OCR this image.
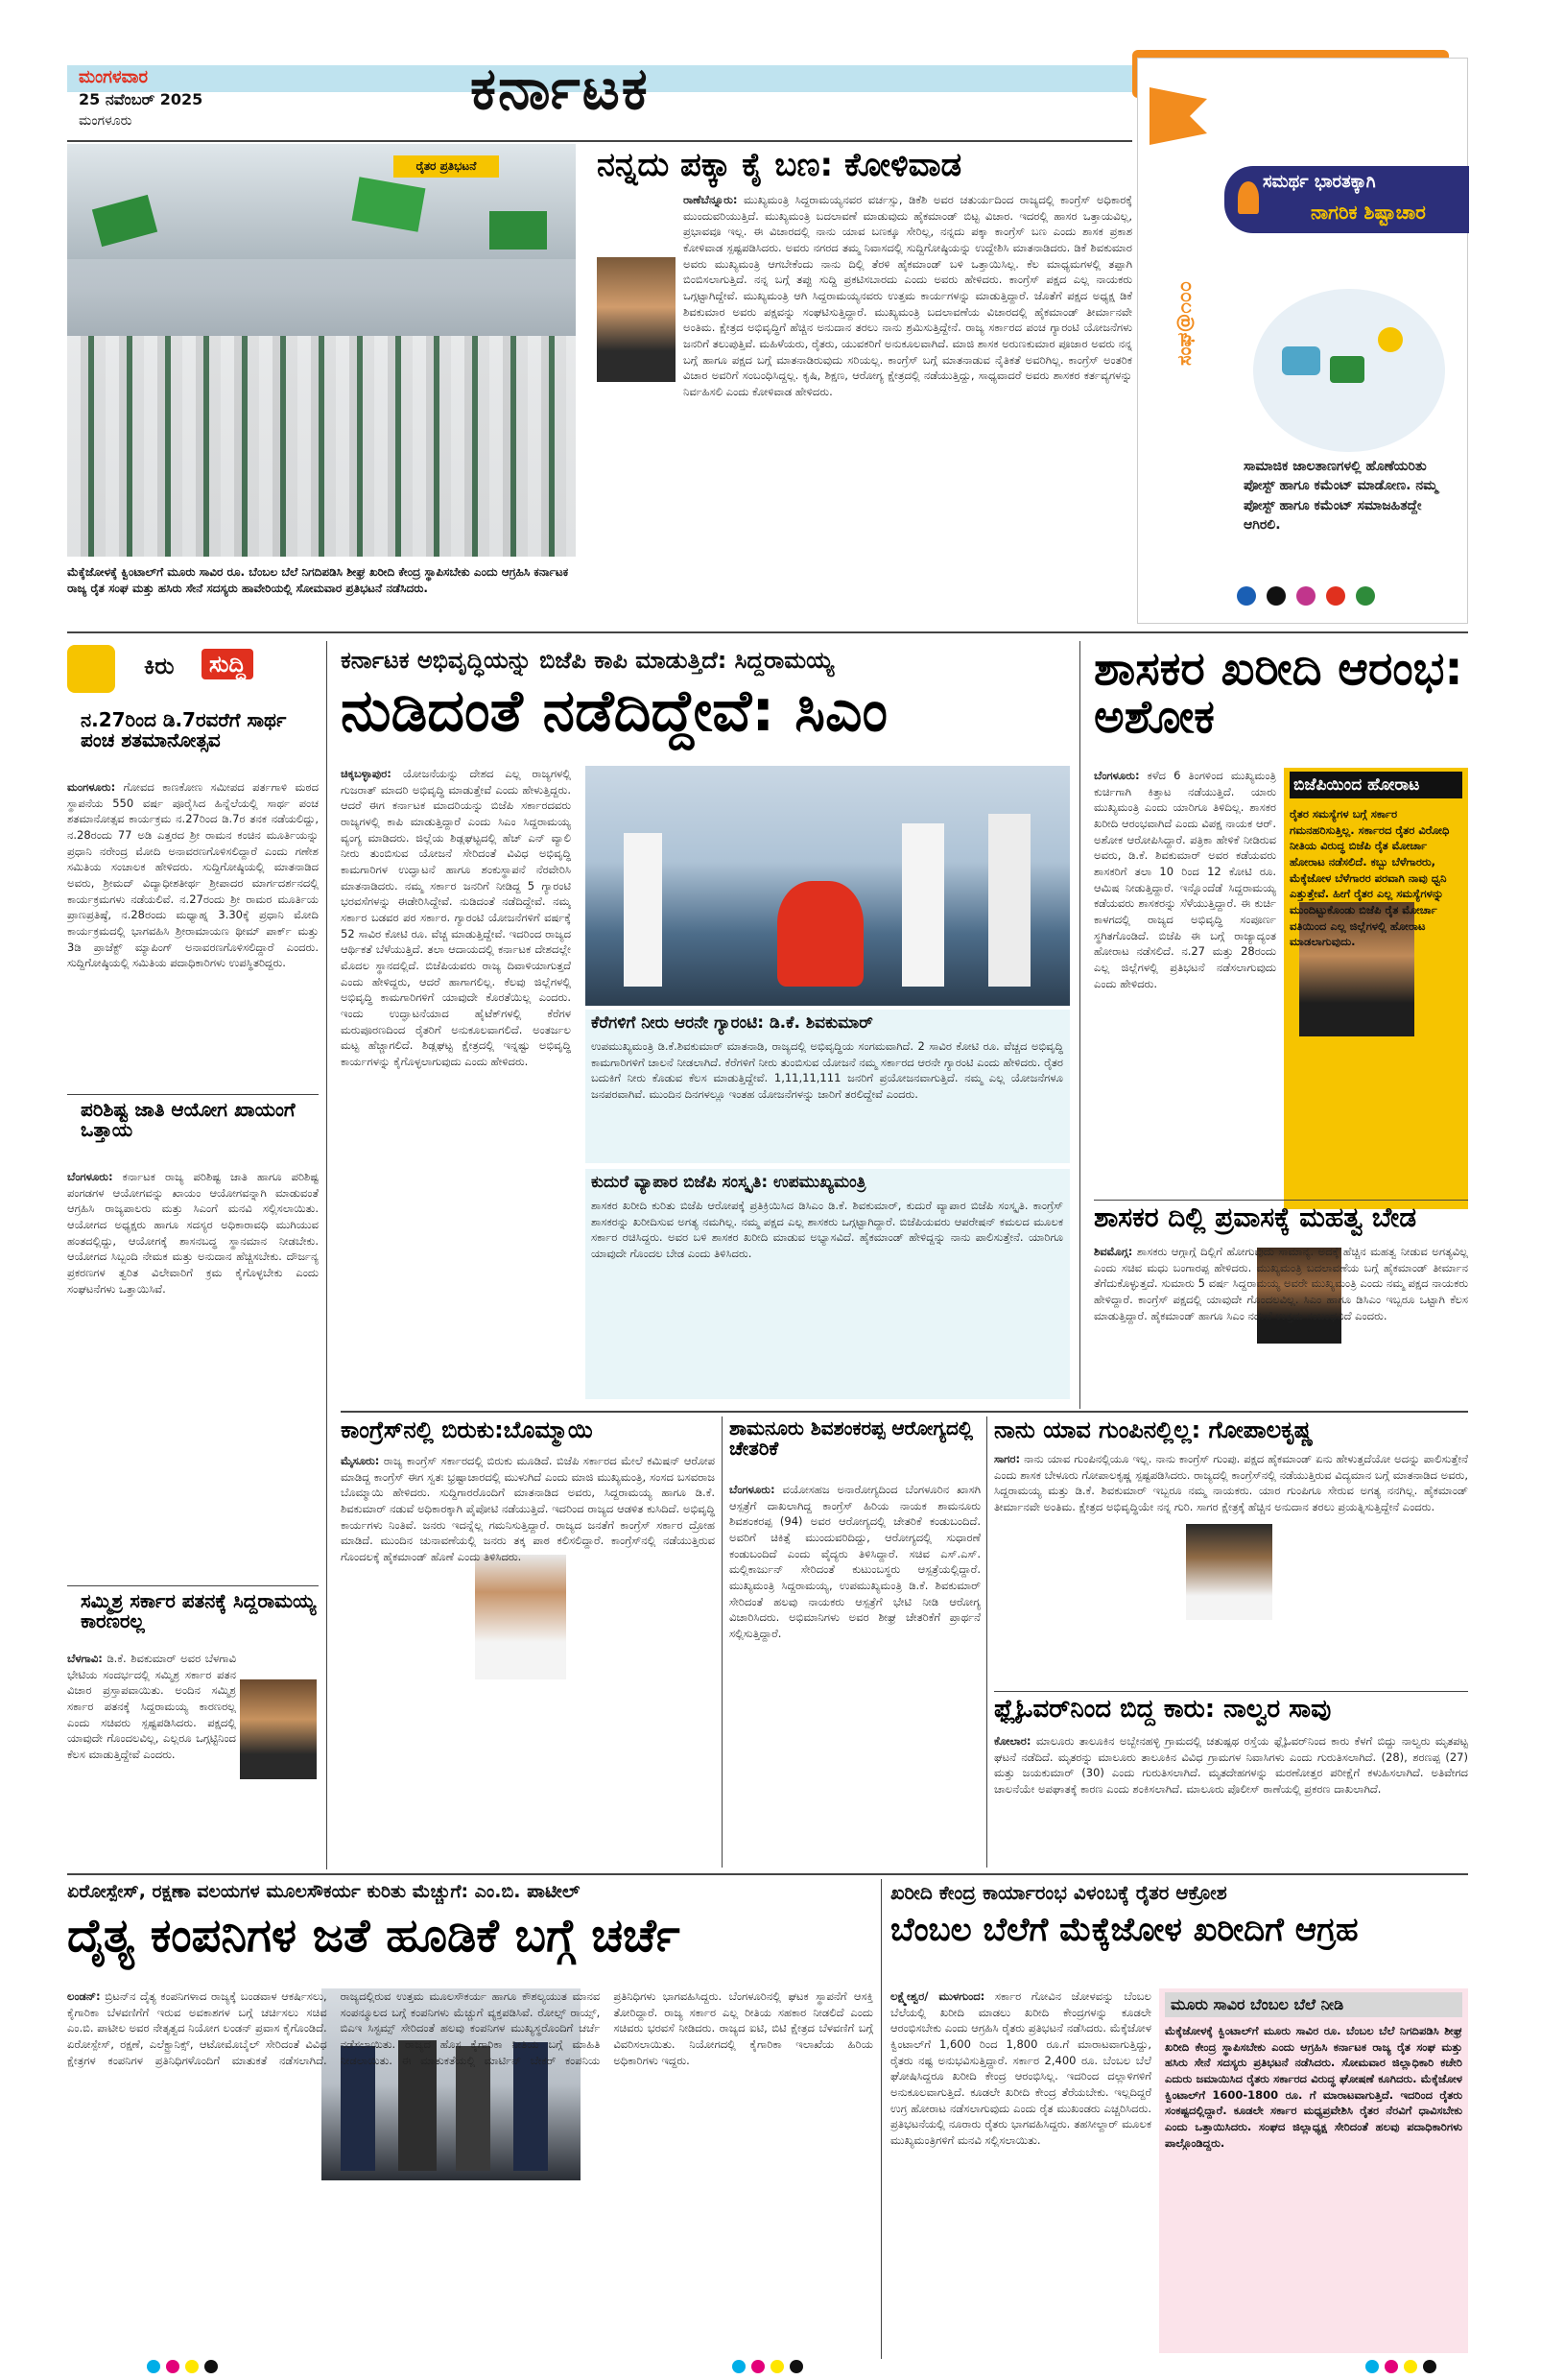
ಮಂಗಳವಾರ
25 ನವೆಂಬರ್ 2025
ಮಂಗಳೂರು	ಕರ್ನಾಟಕ
ರೈತರ ಪ್ರತಿಭಟನೆ
ಮೆಕ್ಕೆಜೋಳಕ್ಕೆ ಕ್ವಿಂಟಾಲ್‌ಗೆ ಮೂರು ಸಾವಿರ ರೂ. ಬೆಂಬಲ ಬೆಲೆ ನಿಗದಿಪಡಿಸಿ ಶೀಘ್ರ ಖರೀದಿ ಕೇಂದ್ರ ಸ್ಥಾಪಿಸಬೇಕು ಎಂದು ಆಗ್ರಹಿಸಿ ಕರ್ನಾಟಕ ರಾಜ್ಯ ರೈತ ಸಂಘ ಮತ್ತು ಹಸಿರು ಸೇನೆ ಸದಸ್ಯರು ಹಾವೇರಿಯಲ್ಲಿ ಸೋಮವಾರ ಪ್ರತಿಭಟನೆ ನಡೆಸಿದರು.
ನನ್ನದು ಪಕ್ಕಾ ಕೈ ಬಣ: ಕೋಳಿವಾಡ
ರಾಣೆಬೆನ್ನೂರು: ಮುಖ್ಯಮಂತ್ರಿ ಸಿದ್ದರಾಮಯ್ಯನವರ ವರ್ಚಸ್ಸು, ಡಿಕೆಶಿ ಅವರ ಚತುರ್ಯದಿಂದ ರಾಜ್ಯದಲ್ಲಿ ಕಾಂಗ್ರೆಸ್ ಅಧಿಕಾರಕ್ಕೆ ಮುಂದುವರಿಯುತ್ತಿದೆ. ಮುಖ್ಯಮಂತ್ರಿ ಬದಲಾವಣೆ ಮಾಡುವುದು ಹೈಕಮಾಂಡ್ ಬಿಟ್ಟ ವಿಚಾರ. ಇದರಲ್ಲಿ ಹಾಸರ ಒತ್ತಾಯವಿಲ್ಲ, ಪ್ರಭಾವವೂ ಇಲ್ಲ. ಈ ವಿಚಾರದಲ್ಲಿ ನಾನು ಯಾವ ಬಣಕ್ಕೂ ಸೇರಿಲ್ಲ, ನನ್ನದು ಪಕ್ಕಾ ಕಾಂಗ್ರೆಸ್ ಬಣ ಎಂದು ಶಾಸಕ ಪ್ರಕಾಶ ಕೋಳಿವಾಡ ಸ್ಪಷ್ಟಪಡಿಸಿದರು. ಅವರು ನಗರದ ತಮ್ಮ ನಿವಾಸದಲ್ಲಿ ಸುದ್ದಿಗೋಷ್ಠಿಯನ್ನು ಉದ್ದೇಶಿಸಿ ಮಾತನಾಡಿದರು. ಡಿಕೆ ಶಿವಕುಮಾರ ಅವರು ಮುಖ್ಯಮಂತ್ರಿ ಆಗಬೇಕೆಂದು ನಾನು ದಿಲ್ಲಿ ತೆರಳಿ ಹೈಕಮಾಂಡ್ ಬಳಿ ಒತ್ತಾಯಿಸಿಲ್ಲ. ಕೆಲ ಮಾಧ್ಯಮಗಳಲ್ಲಿ ತಪ್ಪಾಗಿ ಬಿಂಬಿಸಲಾಗುತ್ತಿದೆ. ನನ್ನ ಬಗ್ಗೆ ತಪ್ಪು ಸುದ್ದಿ ಪ್ರಕಟಿಸಬಾರದು ಎಂದು ಅವರು ಹೇಳಿದರು. ಕಾಂಗ್ರೆಸ್ ಪಕ್ಷದ ಎಲ್ಲ ನಾಯಕರು ಒಗ್ಗಟ್ಟಾಗಿದ್ದೇವೆ. ಮುಖ್ಯಮಂತ್ರಿ ಆಗಿ ಸಿದ್ದರಾಮಯ್ಯನವರು ಉತ್ತಮ ಕಾರ್ಯಗಳನ್ನು ಮಾಡುತ್ತಿದ್ದಾರೆ. ಜೊತೆಗೆ ಪಕ್ಷದ ಅಧ್ಯಕ್ಷ ಡಿಕೆ ಶಿವಕುಮಾರ ಅವರು ಪಕ್ಷವನ್ನು ಸಂಘಟಿಸುತ್ತಿದ್ದಾರೆ. ಮುಖ್ಯಮಂತ್ರಿ ಬದಲಾವಣೆಯ ವಿಚಾರದಲ್ಲಿ ಹೈಕಮಾಂಡ್ ತೀರ್ಮಾನವೇ ಅಂತಿಮ. ಕ್ಷೇತ್ರದ ಅಭಿವೃದ್ಧಿಗೆ ಹೆಚ್ಚಿನ ಅನುದಾನ ತರಲು ನಾನು ಶ್ರಮಿಸುತ್ತಿದ್ದೇನೆ. ರಾಜ್ಯ ಸರ್ಕಾರದ ಪಂಚ ಗ್ಯಾರಂಟಿ ಯೋಜನೆಗಳು ಜನರಿಗೆ ತಲುಪುತ್ತಿವೆ. ಮಹಿಳೆಯರು, ರೈತರು, ಯುವಕರಿಗೆ ಅನುಕೂಲವಾಗಿದೆ. ಮಾಜಿ ಶಾಸಕ ಅರುಣಕುಮಾರ ಪೂಜಾರ ಅವರು ನನ್ನ ಬಗ್ಗೆ ಹಾಗೂ ಪಕ್ಷದ ಬಗ್ಗೆ ಮಾತನಾಡಿರುವುದು ಸರಿಯಲ್ಲ. ಕಾಂಗ್ರೆಸ್ ಬಗ್ಗೆ ಮಾತನಾಡುವ ನೈತಿಕತೆ ಅವರಿಗಿಲ್ಲ. ಕಾಂಗ್ರೆಸ್ ಅಂತರಿಕ ವಿಚಾರ ಅವರಿಗೆ ಸಂಬಂಧಿಸಿದ್ದಲ್ಲ. ಕೃಷಿ, ಶಿಕ್ಷಣ, ಆರೋಗ್ಯ ಕ್ಷೇತ್ರದಲ್ಲಿ ನಡೆಯುತ್ತಿದ್ದು, ಸಾಧ್ಯವಾದರೆ ಅವರು ಶಾಸಕರ ಕರ್ತವ್ಯಗಳನ್ನು ನಿರ್ವಹಿಸಲಿ ಎಂದು ಕೋಳಿವಾಡ ಹೇಳಿದರು.
ಸಂಘ@೧೦೦
ಸಮರ್ಥ ಭಾರತಕ್ಕಾಗಿ
ನಾಗರಿಕ ಶಿಷ್ಟಾಚಾರ
ಸಾಮಾಜಿಕ ಜಾಲತಾಣಗಳಲ್ಲಿ ಹೊಣೆಯರಿತು ಪೋಸ್ಟ್ ಹಾಗೂ ಕಮೆಂಟ್ ಮಾಡೋಣ. ನಮ್ಮ ಪೋಸ್ಟ್ ಹಾಗೂ ಕಮೆಂಟ್ ಸಮಾಜಹಿತದ್ದೇ ಆಗಿರಲಿ.

ಕಿರು	ಸುದ್ದಿ
ನ.27ರಿಂದ ಡಿ.7ರವರೆಗೆ ಸಾರ್ಥ ಪಂಚ ಶತಮಾನೋತ್ಸವ
ಮಂಗಳೂರು: ಗೋವದ ಕಾಣಕೋಣ ಸಮೀಪದ ಪರ್ತಗಾಳಿ ಮಠದ ಸ್ಥಾಪನೆಯ 550 ವರ್ಷ ಪೂರೈಸಿದ ಹಿನ್ನೆಲೆಯಲ್ಲಿ ಸಾರ್ಥ ಪಂಚ ಶತಮಾನೋತ್ಸವ ಕಾರ್ಯಕ್ರಮ ನ.27ರಿಂದ ಡಿ.7ರ ತನಕ ನಡೆಯಲಿದ್ದು, ನ.28ರಂದು 77 ಅಡಿ ಎತ್ತರದ ಶ್ರೀ ರಾಮನ ಕಂಚಿನ ಮೂರ್ತಿಯನ್ನು ಪ್ರಧಾನಿ ನರೇಂದ್ರ ಮೋದಿ ಅನಾವರಣಗೊಳಿಸಲಿದ್ದಾರೆ ಎಂದು ಗಣೇಶ ಸಮಿತಿಯ ಸಂಚಾಲಕ ಹೇಳಿದರು. ಸುದ್ದಿಗೋಷ್ಠಿಯಲ್ಲಿ ಮಾತನಾಡಿದ ಅವರು, ಶ್ರೀಮದ್ ವಿದ್ಯಾಧೀಶತೀರ್ಥ ಶ್ರೀಪಾದರ ಮಾರ್ಗದರ್ಶನದಲ್ಲಿ ಕಾರ್ಯಕ್ರಮಗಳು ನಡೆಯಲಿವೆ. ನ.27ರಂದು ಶ್ರೀ ರಾಮರ ಮೂರ್ತಿಯ ಪ್ರಾಣಪ್ರತಿಷ್ಠೆ, ನ.28ರಂದು ಮಧ್ಯಾಹ್ನ 3.30ಕ್ಕೆ ಪ್ರಧಾನಿ ಮೋದಿ ಕಾರ್ಯಕ್ರಮದಲ್ಲಿ ಭಾಗವಹಿಸಿ ಶ್ರೀರಾಮಾಯಣ ಥೀಮ್ ಪಾರ್ಕ್ ಮತ್ತು 3ಡಿ ಪ್ರಾಜೆಕ್ಟ್ ಮ್ಯಾಪಿಂಗ್ ಅನಾವರಣಗೊಳಿಸಲಿದ್ದಾರೆ ಎಂದರು. ಸುದ್ದಿಗೋಷ್ಠಿಯಲ್ಲಿ ಸಮಿತಿಯ ಪದಾಧಿಕಾರಿಗಳು ಉಪಸ್ಥಿತರಿದ್ದರು.
ಪರಿಶಿಷ್ಟ ಜಾತಿ ಆಯೋಗ ಖಾಯಂಗೆ ಒತ್ತಾಯ
ಬೆಂಗಳೂರು: ಕರ್ನಾಟಕ ರಾಜ್ಯ ಪರಿಶಿಷ್ಟ ಜಾತಿ ಹಾಗೂ ಪರಿಶಿಷ್ಟ ಪಂಗಡಗಳ ಆಯೋಗವನ್ನು ಖಾಯಂ ಆಯೋಗವನ್ನಾಗಿ ಮಾಡುವಂತೆ ಆಗ್ರಹಿಸಿ ರಾಜ್ಯಪಾಲರು ಮತ್ತು ಸಿಎಂಗೆ ಮನವಿ ಸಲ್ಲಿಸಲಾಯಿತು. ಆಯೋಗದ ಅಧ್ಯಕ್ಷರು ಹಾಗೂ ಸದಸ್ಯರ ಅಧಿಕಾರಾವಧಿ ಮುಗಿಯುವ ಹಂತದಲ್ಲಿದ್ದು, ಆಯೋಗಕ್ಕೆ ಶಾಸನಬದ್ಧ ಸ್ಥಾನಮಾನ ನೀಡಬೇಕು. ಆಯೋಗದ ಸಿಬ್ಬಂದಿ ನೇಮಕ ಮತ್ತು ಅನುದಾನ ಹೆಚ್ಚಿಸಬೇಕು. ದೌರ್ಜನ್ಯ ಪ್ರಕರಣಗಳ ತ್ವರಿತ ವಿಲೇವಾರಿಗೆ ಕ್ರಮ ಕೈಗೊಳ್ಳಬೇಕು ಎಂದು ಸಂಘಟನೆಗಳು ಒತ್ತಾಯಿಸಿವೆ.
ಸಮ್ಮಿಶ್ರ ಸರ್ಕಾರ ಪತನಕ್ಕೆ ಸಿದ್ದರಾಮಯ್ಯ ಕಾರಣರಲ್ಲ
ಬೆಳಗಾವಿ: ಡಿ.ಕೆ. ಶಿವಕುಮಾರ್ ಅವರ ಬೆಳಗಾವಿ ಭೇಟಿಯ ಸಂದರ್ಭದಲ್ಲಿ ಸಮ್ಮಿಶ್ರ ಸರ್ಕಾರ ಪತನ ವಿಚಾರ ಪ್ರಸ್ತಾಪವಾಯಿತು. ಅಂದಿನ ಸಮ್ಮಿಶ್ರ ಸರ್ಕಾರ ಪತನಕ್ಕೆ ಸಿದ್ದರಾಮಯ್ಯ ಕಾರಣರಲ್ಲ ಎಂದು ಸಚಿವರು ಸ್ಪಷ್ಟಪಡಿಸಿದರು. ಪಕ್ಷದಲ್ಲಿ ಯಾವುದೇ ಗೊಂದಲವಿಲ್ಲ, ಎಲ್ಲರೂ ಒಗ್ಗಟ್ಟಿನಿಂದ ಕೆಲಸ ಮಾಡುತ್ತಿದ್ದೇವೆ ಎಂದರು.
ಕರ್ನಾಟಕ ಅಭಿವೃದ್ಧಿಯನ್ನು ಬಿಜೆಪಿ ಕಾಪಿ ಮಾಡುತ್ತಿದೆ: ಸಿದ್ದರಾಮಯ್ಯ
ನುಡಿದಂತೆ ನಡೆದಿದ್ದೇವೆ: ಸಿಎಂ
ಚಿಕ್ಕಬಳ್ಳಾಪುರ: ಯೋಜನೆಯನ್ನು ದೇಶದ ಎಲ್ಲ ರಾಜ್ಯಗಳಲ್ಲಿ ಗುಜರಾತ್ ಮಾದರಿ ಅಭಿವೃದ್ಧಿ ಮಾಡುತ್ತೇವೆ ಎಂದು ಹೇಳುತ್ತಿದ್ದರು. ಆದರೆ ಈಗ ಕರ್ನಾಟಕ ಮಾದರಿಯನ್ನು ಬಿಜೆಪಿ ಸರ್ಕಾರದವರು ರಾಜ್ಯಗಳಲ್ಲಿ ಕಾಪಿ ಮಾಡುತ್ತಿದ್ದಾರೆ ಎಂದು ಸಿಎಂ ಸಿದ್ದರಾಮಯ್ಯ ವ್ಯಂಗ್ಯ ಮಾಡಿದರು. ಜಿಲ್ಲೆಯ ಶಿಡ್ಲಘಟ್ಟದಲ್ಲಿ ಹೆಚ್ ಎನ್ ವ್ಯಾಲಿ ನೀರು ತುಂಬಿಸುವ ಯೋಜನೆ ಸೇರಿದಂತೆ ವಿವಿಧ ಅಭಿವೃದ್ಧಿ ಕಾಮಗಾರಿಗಳ ಉದ್ಘಾಟನೆ ಹಾಗೂ ಶಂಕುಸ್ಥಾಪನೆ ನೆರವೇರಿಸಿ ಮಾತನಾಡಿದರು. ನಮ್ಮ ಸರ್ಕಾರ ಜನರಿಗೆ ನೀಡಿದ್ದ 5 ಗ್ಯಾರಂಟಿ ಭರವಸೆಗಳನ್ನು ಈಡೇರಿಸಿದ್ದೇವೆ. ನುಡಿದಂತೆ ನಡೆದಿದ್ದೇವೆ. ನಮ್ಮ ಸರ್ಕಾರ ಬಡವರ ಪರ ಸರ್ಕಾರ. ಗ್ಯಾರಂಟಿ ಯೋಜನೆಗಳಿಗೆ ವರ್ಷಕ್ಕೆ 52 ಸಾವಿರ ಕೋಟಿ ರೂ. ವೆಚ್ಚ ಮಾಡುತ್ತಿದ್ದೇವೆ. ಇದರಿಂದ ರಾಜ್ಯದ ಆರ್ಥಿಕತೆ ಬೆಳೆಯುತ್ತಿದೆ. ತಲಾ ಆದಾಯದಲ್ಲಿ ಕರ್ನಾಟಕ ದೇಶದಲ್ಲೇ ಮೊದಲ ಸ್ಥಾನದಲ್ಲಿದೆ. ಬಿಜೆಪಿಯವರು ರಾಜ್ಯ ದಿವಾಳಿಯಾಗುತ್ತದೆ ಎಂದು ಹೇಳಿದ್ದರು, ಆದರೆ ಹಾಗಾಗಲಿಲ್ಲ. ಕೆಲವು ಜಿಲ್ಲೆಗಳಲ್ಲಿ ಅಭಿವೃದ್ಧಿ ಕಾಮಗಾರಿಗಳಿಗೆ ಯಾವುದೇ ಕೊರತೆಯಿಲ್ಲ ಎಂದರು. ಇಂದು ಉದ್ಘಾಟನೆಯಾದ ಹೈಟೆಕ್‌ಗಳಲ್ಲಿ ಕೆರೆಗಳ ಮರುಪೂರಣದಿಂದ ರೈತರಿಗೆ ಅನುಕೂಲವಾಗಲಿದೆ. ಅಂತರ್ಜಲ ಮಟ್ಟ ಹೆಚ್ಚಾಗಲಿದೆ. ಶಿಡ್ಲಘಟ್ಟ ಕ್ಷೇತ್ರದಲ್ಲಿ ಇನ್ನಷ್ಟು ಅಭಿವೃದ್ಧಿ ಕಾರ್ಯಗಳನ್ನು ಕೈಗೊಳ್ಳಲಾಗುವುದು ಎಂದು ಹೇಳಿದರು.
ಕೆರೆಗಳಿಗೆ ನೀರು ಆರನೇ ಗ್ಯಾರಂಟಿ: ಡಿ.ಕೆ. ಶಿವಕುಮಾರ್
ಉಪಮುಖ್ಯಮಂತ್ರಿ ಡಿ.ಕೆ.ಶಿವಕುಮಾರ್ ಮಾತನಾಡಿ, ರಾಜ್ಯದಲ್ಲಿ ಅಭಿವೃದ್ಧಿಯ ಸಂಗಮವಾಗಿದೆ. 2 ಸಾವಿರ ಕೋಟಿ ರೂ. ವೆಚ್ಚದ ಅಭಿವೃದ್ಧಿ ಕಾಮಗಾರಿಗಳಿಗೆ ಚಾಲನೆ ನೀಡಲಾಗಿದೆ. ಕೆರೆಗಳಿಗೆ ನೀರು ತುಂಬಿಸುವ ಯೋಜನೆ ನಮ್ಮ ಸರ್ಕಾರದ ಆರನೇ ಗ್ಯಾರಂಟಿ ಎಂದು ಹೇಳಿದರು. ರೈತರ ಬದುಕಿಗೆ ನೀರು ಕೊಡುವ ಕೆಲಸ ಮಾಡುತ್ತಿದ್ದೇವೆ. 1,11,11,111 ಜನರಿಗೆ ಪ್ರಯೋಜನವಾಗುತ್ತಿದೆ. ನಮ್ಮ ಎಲ್ಲ ಯೋಜನೆಗಳೂ ಜನಪರವಾಗಿವೆ. ಮುಂದಿನ ದಿನಗಳಲ್ಲೂ ಇಂತಹ ಯೋಜನೆಗಳನ್ನು ಜಾರಿಗೆ ತರಲಿದ್ದೇವೆ ಎಂದರು.
ಕುದುರೆ ವ್ಯಾಪಾರ ಬಿಜೆಪಿ ಸಂಸ್ಕೃತಿ: ಉಪಮುಖ್ಯಮಂತ್ರಿ
ಶಾಸಕರ ಖರೀದಿ ಕುರಿತು ಬಿಜೆಪಿ ಆರೋಪಕ್ಕೆ ಪ್ರತಿಕ್ರಿಯಿಸಿದ ಡಿಸಿಎಂ ಡಿ.ಕೆ. ಶಿವಕುಮಾರ್, ಕುದುರೆ ವ್ಯಾಪಾರ ಬಿಜೆಪಿ ಸಂಸ್ಕೃತಿ. ಕಾಂಗ್ರೆಸ್ ಶಾಸಕರನ್ನು ಖರೀದಿಸುವ ಅಗತ್ಯ ನಮಗಿಲ್ಲ. ನಮ್ಮ ಪಕ್ಷದ ಎಲ್ಲ ಶಾಸಕರು ಒಗ್ಗಟ್ಟಾಗಿದ್ದಾರೆ. ಬಿಜೆಪಿಯವರು ಆಪರೇಷನ್ ಕಮಲದ ಮೂಲಕ ಸರ್ಕಾರ ರಚಿಸಿದ್ದರು. ಅವರ ಬಳಿ ಶಾಸಕರ ಖರೀದಿ ಮಾಡುವ ಅಭ್ಯಾಸವಿದೆ. ಹೈಕಮಾಂಡ್ ಹೇಳಿದ್ದನ್ನು ನಾನು ಪಾಲಿಸುತ್ತೇನೆ. ಯಾರಿಗೂ ಯಾವುದೇ ಗೊಂದಲ ಬೇಡ ಎಂದು ತಿಳಿಸಿದರು.
ಶಾಸಕರ ಖರೀದಿ ಆರಂಭ: ಅಶೋಕ
ಬೆಂಗಳೂರು: ಕಳೆದ 6 ತಿಂಗಳಿಂದ ಮುಖ್ಯಮಂತ್ರಿ ಕುರ್ಚಿಗಾಗಿ ಕಿತ್ತಾಟ ನಡೆಯುತ್ತಿದೆ. ಯಾರು ಮುಖ್ಯಮಂತ್ರಿ ಎಂದು ಯಾರಿಗೂ ತಿಳಿದಿಲ್ಲ. ಶಾಸಕರ ಖರೀದಿ ಆರಂಭವಾಗಿದೆ ಎಂದು ವಿಪಕ್ಷ ನಾಯಕ ಆರ್. ಅಶೋಕ ಆರೋಪಿಸಿದ್ದಾರೆ. ಪತ್ರಿಕಾ ಹೇಳಿಕೆ ನೀಡಿರುವ ಅವರು, ಡಿ.ಕೆ. ಶಿವಕುಮಾರ್ ಅವರ ಕಡೆಯವರು ಶಾಸಕರಿಗೆ ತಲಾ 10 ರಿಂದ 12 ಕೋಟಿ ರೂ. ಆಮಿಷ ನೀಡುತ್ತಿದ್ದಾರೆ. ಇನ್ನೊಂದೆಡೆ ಸಿದ್ದರಾಮಯ್ಯ ಕಡೆಯವರು ಶಾಸಕರನ್ನು ಸೆಳೆಯುತ್ತಿದ್ದಾರೆ. ಈ ಕುರ್ಚಿ ಕಾಳಗದಲ್ಲಿ ರಾಜ್ಯದ ಅಭಿವೃದ್ಧಿ ಸಂಪೂರ್ಣ ಸ್ಥಗಿತಗೊಂಡಿದೆ. ಬಿಜೆಪಿ ಈ ಬಗ್ಗೆ ರಾಜ್ಯಾದ್ಯಂತ ಹೋರಾಟ ನಡೆಸಲಿದೆ. ನ.27 ಮತ್ತು 28ರಂದು ಎಲ್ಲ ಜಿಲ್ಲೆಗಳಲ್ಲಿ ಪ್ರತಿಭಟನೆ ನಡೆಸಲಾಗುವುದು ಎಂದು ಹೇಳಿದರು.
ಬಿಜೆಪಿಯಿಂದ ಹೋರಾಟ
ರೈತರ ಸಮಸ್ಯೆಗಳ ಬಗ್ಗೆ ಸರ್ಕಾರ ಗಮನಹರಿಸುತ್ತಿಲ್ಲ. ಸರ್ಕಾರದ ರೈತರ ವಿರೋಧಿ ನೀತಿಯ ವಿರುದ್ಧ ಬಿಜೆಪಿ ರೈತ ಮೋರ್ಚಾ ಹೋರಾಟ ನಡೆಸಲಿದೆ. ಕಬ್ಬು ಬೆಳೆಗಾರರು, ಮೆಕ್ಕೆಜೋಳ ಬೆಳೆಗಾರರ ಪರವಾಗಿ ನಾವು ಧ್ವನಿ ಎತ್ತುತ್ತೇವೆ. ಹೀಗೆ ರೈತರ ಎಲ್ಲ ಸಮಸ್ಯೆಗಳನ್ನು ಮುಂದಿಟ್ಟುಕೊಂಡು ಬಿಜೆಪಿ ರೈತ ಮೋರ್ಚಾ ವತಿಯಿಂದ ಎಲ್ಲ ಜಿಲ್ಲೆಗಳಲ್ಲಿ ಹೋರಾಟ ಮಾಡಲಾಗುವುದು.
ಶಾಸಕರ ದಿಲ್ಲಿ ಪ್ರವಾಸಕ್ಕೆ ಮಹತ್ವ ಬೇಡ
ಶಿವಮೊಗ್ಗ: ಶಾಸಕರು ಆಗ್ಗಾಗ್ಗೆ ದಿಲ್ಲಿಗೆ ಹೋಗುವುದು ಸಾಮಾನ್ಯ. ಅದಕ್ಕೆ ಹೆಚ್ಚಿನ ಮಹತ್ವ ನೀಡುವ ಅಗತ್ಯವಿಲ್ಲ ಎಂದು ಸಚಿವ ಮಧು ಬಂಗಾರಪ್ಪ ಹೇಳಿದರು. ಮುಖ್ಯಮಂತ್ರಿ ಬದಲಾವಣೆಯ ಬಗ್ಗೆ ಹೈಕಮಾಂಡ್ ತೀರ್ಮಾನ ತೆಗೆದುಕೊಳ್ಳುತ್ತದೆ. ಸುಮಾರು 5 ವರ್ಷ ಸಿದ್ದರಾಮಯ್ಯ ಅವರೇ ಮುಖ್ಯಮಂತ್ರಿ ಎಂದು ನಮ್ಮ ಪಕ್ಷದ ನಾಯಕರು ಹೇಳಿದ್ದಾರೆ. ಕಾಂಗ್ರೆಸ್ ಪಕ್ಷದಲ್ಲಿ ಯಾವುದೇ ಗೊಂದಲವಿಲ್ಲ. ಸಿಎಂ ಹಾಗೂ ಡಿಸಿಎಂ ಇಬ್ಬರೂ ಒಟ್ಟಾಗಿ ಕೆಲಸ ಮಾಡುತ್ತಿದ್ದಾರೆ. ಹೈಕಮಾಂಡ್ ಹಾಗೂ ಸಿಎಂ ನಡುವೆ ಉತ್ತಮ ಸಂಬಂಧವಿದೆ ಎಂದರು.
ಕಾಂಗ್ರೆಸ್‌ನಲ್ಲಿ ಬಿರುಕು:ಬೊಮ್ಮಾಯಿ
ಮೈಸೂರು: ರಾಜ್ಯ ಕಾಂಗ್ರೆಸ್ ಸರ್ಕಾರದಲ್ಲಿ ಬಿರುಕು ಮೂಡಿದೆ. ಬಿಜೆಪಿ ಸರ್ಕಾರದ ಮೇಲೆ ಕಮಿಷನ್ ಆರೋಪ ಮಾಡಿದ್ದ ಕಾಂಗ್ರೆಸ್ ಈಗ ಸ್ವತಃ ಭ್ರಷ್ಟಾಚಾರದಲ್ಲಿ ಮುಳುಗಿದೆ ಎಂದು ಮಾಜಿ ಮುಖ್ಯಮಂತ್ರಿ, ಸಂಸದ ಬಸವರಾಜ ಬೊಮ್ಮಾಯಿ ಹೇಳಿದರು. ಸುದ್ದಿಗಾರರೊಂದಿಗೆ ಮಾತನಾಡಿದ ಅವರು, ಸಿದ್ದರಾಮಯ್ಯ ಹಾಗೂ ಡಿ.ಕೆ. ಶಿವಕುಮಾರ್ ನಡುವೆ ಅಧಿಕಾರಕ್ಕಾಗಿ ಪೈಪೋಟಿ ನಡೆಯುತ್ತಿದೆ. ಇದರಿಂದ ರಾಜ್ಯದ ಆಡಳಿತ ಕುಸಿದಿದೆ. ಅಭಿವೃದ್ಧಿ ಕಾರ್ಯಗಳು ನಿಂತಿವೆ. ಜನರು ಇದನ್ನೆಲ್ಲ ಗಮನಿಸುತ್ತಿದ್ದಾರೆ. ರಾಜ್ಯದ ಜನತೆಗೆ ಕಾಂಗ್ರೆಸ್ ಸರ್ಕಾರ ದ್ರೋಹ ಮಾಡಿದೆ. ಮುಂದಿನ ಚುನಾವಣೆಯಲ್ಲಿ ಜನರು ತಕ್ಕ ಪಾಠ ಕಲಿಸಲಿದ್ದಾರೆ. ಕಾಂಗ್ರೆಸ್‌ನಲ್ಲಿ ನಡೆಯುತ್ತಿರುವ ಗೊಂದಲಕ್ಕೆ ಹೈಕಮಾಂಡ್ ಹೊಣೆ ಎಂದು ತಿಳಿಸಿದರು.
ಶಾಮನೂರು ಶಿವಶಂಕರಪ್ಪ ಆರೋಗ್ಯದಲ್ಲಿ ಚೇತರಿಕೆ
ಬೆಂಗಳೂರು: ವಯೋಸಹಜ ಅನಾರೋಗ್ಯದಿಂದ ಬೆಂಗಳೂರಿನ ಖಾಸಗಿ ಆಸ್ಪತ್ರೆಗೆ ದಾಖಲಾಗಿದ್ದ ಕಾಂಗ್ರೆಸ್ ಹಿರಿಯ ನಾಯಕ ಶಾಮನೂರು ಶಿವಶಂಕರಪ್ಪ (94) ಅವರ ಆರೋಗ್ಯದಲ್ಲಿ ಚೇತರಿಕೆ ಕಂಡುಬಂದಿದೆ. ಅವರಿಗೆ ಚಿಕಿತ್ಸೆ ಮುಂದುವರಿದಿದ್ದು, ಆರೋಗ್ಯದಲ್ಲಿ ಸುಧಾರಣೆ ಕಂಡುಬಂದಿದೆ ಎಂದು ವೈದ್ಯರು ತಿಳಿಸಿದ್ದಾರೆ. ಸಚಿವ ಎಸ್.ಎಸ್. ಮಲ್ಲಿಕಾರ್ಜುನ್ ಸೇರಿದಂತೆ ಕುಟುಂಬಸ್ಥರು ಆಸ್ಪತ್ರೆಯಲ್ಲಿದ್ದಾರೆ. ಮುಖ್ಯಮಂತ್ರಿ ಸಿದ್ದರಾಮಯ್ಯ, ಉಪಮುಖ್ಯಮಂತ್ರಿ ಡಿ.ಕೆ. ಶಿವಕುಮಾರ್ ಸೇರಿದಂತೆ ಹಲವು ನಾಯಕರು ಆಸ್ಪತ್ರೆಗೆ ಭೇಟಿ ನೀಡಿ ಆರೋಗ್ಯ ವಿಚಾರಿಸಿದರು. ಅಭಿಮಾನಿಗಳು ಅವರ ಶೀಘ್ರ ಚೇತರಿಕೆಗೆ ಪ್ರಾರ್ಥನೆ ಸಲ್ಲಿಸುತ್ತಿದ್ದಾರೆ.
ನಾನು ಯಾವ ಗುಂಪಿನಲ್ಲಿಲ್ಲ: ಗೋಪಾಲಕೃಷ್ಣ
ಸಾಗರ: ನಾನು ಯಾವ ಗುಂಪಿನಲ್ಲಿಯೂ ಇಲ್ಲ. ನಾನು ಕಾಂಗ್ರೆಸ್ ಗುಂಪು. ಪಕ್ಷದ ಹೈಕಮಾಂಡ್ ಏನು ಹೇಳುತ್ತದೆಯೋ ಅದನ್ನು ಪಾಲಿಸುತ್ತೇನೆ ಎಂದು ಶಾಸಕ ಬೇಳೂರು ಗೋಪಾಲಕೃಷ್ಣ ಸ್ಪಷ್ಟಪಡಿಸಿದರು. ರಾಜ್ಯದಲ್ಲಿ ಕಾಂಗ್ರೆಸ್‌ನಲ್ಲಿ ನಡೆಯುತ್ತಿರುವ ವಿದ್ಯಮಾನ ಬಗ್ಗೆ ಮಾತನಾಡಿದ ಅವರು, ಸಿದ್ದರಾಮಯ್ಯ ಮತ್ತು ಡಿ.ಕೆ. ಶಿವಕುಮಾರ್ ಇಬ್ಬರೂ ನಮ್ಮ ನಾಯಕರು. ಯಾರ ಗುಂಪಿಗೂ ಸೇರುವ ಅಗತ್ಯ ನನಗಿಲ್ಲ. ಹೈಕಮಾಂಡ್ ತೀರ್ಮಾನವೇ ಅಂತಿಮ. ಕ್ಷೇತ್ರದ ಅಭಿವೃದ್ಧಿಯೇ ನನ್ನ ಗುರಿ. ಸಾಗರ ಕ್ಷೇತ್ರಕ್ಕೆ ಹೆಚ್ಚಿನ ಅನುದಾನ ತರಲು ಪ್ರಯತ್ನಿಸುತ್ತಿದ್ದೇನೆ ಎಂದರು.
ಫ್ಲೈಓವರ್‌ನಿಂದ ಬಿದ್ದ ಕಾರು: ನಾಲ್ವರ ಸಾವು
ಕೋಲಾರ: ಮಾಲೂರು ತಾಲೂಕಿನ ಅಬ್ಬೇನಹಳ್ಳಿ ಗ್ರಾಮದಲ್ಲಿ ಚತುಷ್ಪಥ ರಸ್ತೆಯ ಫ್ಲೈಓವರ್‌ನಿಂದ ಕಾರು ಕೆಳಗೆ ಬಿದ್ದು ನಾಲ್ವರು ಮೃತಪಟ್ಟ ಘಟನೆ ನಡೆದಿದೆ. ಮೃತರನ್ನು ಮಾಲೂರು ತಾಲೂಕಿನ ವಿವಿಧ ಗ್ರಾಮಗಳ ನಿವಾಸಿಗಳು ಎಂದು ಗುರುತಿಸಲಾಗಿದೆ. (28), ಶರಣಪ್ಪ (27) ಮತ್ತು ಜಯಕುಮಾರ್ (30) ಎಂದು ಗುರುತಿಸಲಾಗಿದೆ. ಮೃತದೇಹಗಳನ್ನು ಮರಣೋತ್ತರ ಪರೀಕ್ಷೆಗೆ ಕಳುಹಿಸಲಾಗಿದೆ. ಅತಿವೇಗದ ಚಾಲನೆಯೇ ಅಪಘಾತಕ್ಕೆ ಕಾರಣ ಎಂದು ಶಂಕಿಸಲಾಗಿದೆ. ಮಾಲೂರು ಪೊಲೀಸ್ ಠಾಣೆಯಲ್ಲಿ ಪ್ರಕರಣ ದಾಖಲಾಗಿದೆ.
ಏರೋಸ್ಪೇಸ್, ರಕ್ಷಣಾ ವಲಯಗಳ ಮೂಲಸೌಕರ್ಯ ಕುರಿತು ಮೆಚ್ಚುಗೆ: ಎಂ.ಬಿ. ಪಾಟೀಲ್
ದೈತ್ಯ ಕಂಪನಿಗಳ ಜತೆ ಹೂಡಿಕೆ ಬಗ್ಗೆ ಚರ್ಚೆ
ಲಂಡನ್: ಬ್ರಿಟನ್‌ನ ದೈತ್ಯ ಕಂಪನಿಗಳಾದ ರಾಜ್ಯಕ್ಕೆ ಬಂಡವಾಳ ಆಕರ್ಷಿಸಲು, ಕೈಗಾರಿಕಾ ಬೆಳವಣಿಗೆಗೆ ಇರುವ ಅವಕಾಶಗಳ ಬಗ್ಗೆ ಚರ್ಚಿಸಲು ಸಚಿವ ಎಂ.ಬಿ. ಪಾಟೀಲ ಅವರ ನೇತೃತ್ವದ ನಿಯೋಗ ಲಂಡನ್ ಪ್ರವಾಸ ಕೈಗೊಂಡಿದೆ. ಏರೋಸ್ಪೇಸ್, ರಕ್ಷಣೆ, ಎಲೆಕ್ಟ್ರಾನಿಕ್ಸ್, ಆಟೋಮೊಬೈಲ್ ಸೇರಿದಂತೆ ವಿವಿಧ ಕ್ಷೇತ್ರಗಳ ಕಂಪನಿಗಳ ಪ್ರತಿನಿಧಿಗಳೊಂದಿಗೆ ಮಾತುಕತೆ ನಡೆಸಲಾಗಿದೆ. ರಾಜ್ಯದಲ್ಲಿರುವ ಉತ್ತಮ ಮೂಲಸೌಕರ್ಯ ಹಾಗೂ ಕೌಶಲ್ಯಯುತ ಮಾನವ ಸಂಪನ್ಮೂಲದ ಬಗ್ಗೆ ಕಂಪನಿಗಳು ಮೆಚ್ಚುಗೆ ವ್ಯಕ್ತಪಡಿಸಿವೆ. ರೋಲ್ಸ್ ರಾಯ್ಸ್, ಬಿಎಇ ಸಿಸ್ಟಮ್ಸ್ ಸೇರಿದಂತೆ ಹಲವು ಕಂಪನಿಗಳ ಮುಖ್ಯಸ್ಥರೊಂದಿಗೆ ಚರ್ಚೆ ನಡೆಸಲಾಯಿತು. ರಾಜ್ಯದ ಹೊಸ ಕೈಗಾರಿಕಾ ನೀತಿಯ ಬಗ್ಗೆ ಮಾಹಿತಿ ನೀಡಲಾಯಿತು. ಈ ಮಾತುಕತೆಯಲ್ಲಿ ಮಾರ್ಟಿನ್ ಬೇಕರ್ ಕಂಪನಿಯ ಪ್ರತಿನಿಧಿಗಳು ಭಾಗವಹಿಸಿದ್ದರು. ಬೆಂಗಳೂರಿನಲ್ಲಿ ಘಟಕ ಸ್ಥಾಪನೆಗೆ ಆಸಕ್ತಿ ತೋರಿದ್ದಾರೆ. ರಾಜ್ಯ ಸರ್ಕಾರ ಎಲ್ಲ ರೀತಿಯ ಸಹಕಾರ ನೀಡಲಿದೆ ಎಂದು ಸಚಿವರು ಭರವಸೆ ನೀಡಿದರು. ರಾಜ್ಯದ ಐಟಿ, ಬಿಟಿ ಕ್ಷೇತ್ರದ ಬೆಳವಣಿಗೆ ಬಗ್ಗೆ ವಿವರಿಸಲಾಯಿತು. ನಿಯೋಗದಲ್ಲಿ ಕೈಗಾರಿಕಾ ಇಲಾಖೆಯ ಹಿರಿಯ ಅಧಿಕಾರಿಗಳು ಇದ್ದರು.
ಖರೀದಿ ಕೇಂದ್ರ ಕಾರ್ಯಾರಂಭ ವಿಳಂಬಕ್ಕೆ ರೈತರ ಆಕ್ರೋಶ
ಬೆಂಬಲ ಬೆಲೆಗೆ ಮೆಕ್ಕೆಜೋಳ ಖರೀದಿಗೆ ಆಗ್ರಹ
ಲಕ್ಷ್ಮೇಶ್ವರ/ ಮುಳಗುಂದ: ಸರ್ಕಾರ ಗೋವಿನ ಜೋಳವನ್ನು ಬೆಂಬಲ ಬೆಲೆಯಲ್ಲಿ ಖರೀದಿ ಮಾಡಲು ಖರೀದಿ ಕೇಂದ್ರಗಳನ್ನು ಕೂಡಲೇ ಆರಂಭಿಸಬೇಕು ಎಂದು ಆಗ್ರಹಿಸಿ ರೈತರು ಪ್ರತಿಭಟನೆ ನಡೆಸಿದರು. ಮೆಕ್ಕೆಜೋಳ ಕ್ವಿಂಟಾಲ್‌ಗೆ 1,600 ರಿಂದ 1,800 ರೂ.ಗೆ ಮಾರಾಟವಾಗುತ್ತಿದ್ದು, ರೈತರು ನಷ್ಟ ಅನುಭವಿಸುತ್ತಿದ್ದಾರೆ. ಸರ್ಕಾರ 2,400 ರೂ. ಬೆಂಬಲ ಬೆಲೆ ಘೋಷಿಸಿದ್ದರೂ ಖರೀದಿ ಕೇಂದ್ರ ಆರಂಭಿಸಿಲ್ಲ. ಇದರಿಂದ ದಲ್ಲಾಳಿಗಳಿಗೆ ಅನುಕೂಲವಾಗುತ್ತಿದೆ. ಕೂಡಲೇ ಖರೀದಿ ಕೇಂದ್ರ ತೆರೆಯಬೇಕು. ಇಲ್ಲದಿದ್ದರೆ ಉಗ್ರ ಹೋರಾಟ ನಡೆಸಲಾಗುವುದು ಎಂದು ರೈತ ಮುಖಂಡರು ಎಚ್ಚರಿಸಿದರು. ಪ್ರತಿಭಟನೆಯಲ್ಲಿ ನೂರಾರು ರೈತರು ಭಾಗವಹಿಸಿದ್ದರು. ತಹಸೀಲ್ದಾರ್ ಮೂಲಕ ಮುಖ್ಯಮಂತ್ರಿಗಳಿಗೆ ಮನವಿ ಸಲ್ಲಿಸಲಾಯಿತು.
ಮೂರು ಸಾವಿರ ಬೆಂಬಲ ಬೆಲೆ ನೀಡಿ
ಮೆಕ್ಕೆಜೋಳಕ್ಕೆ ಕ್ವಿಂಟಾಲ್‌ಗೆ ಮೂರು ಸಾವಿರ ರೂ. ಬೆಂಬಲ ಬೆಲೆ ನಿಗದಿಪಡಿಸಿ ಶೀಘ್ರ ಖರೀದಿ ಕೇಂದ್ರ ಸ್ಥಾಪಿಸಬೇಕು ಎಂದು ಆಗ್ರಹಿಸಿ ಕರ್ನಾಟಕ ರಾಜ್ಯ ರೈತ ಸಂಘ ಮತ್ತು ಹಸಿರು ಸೇನೆ ಸದಸ್ಯರು ಪ್ರತಿಭಟನೆ ನಡೆಸಿದರು. ಸೋಮವಾರ ಜಿಲ್ಲಾಧಿಕಾರಿ ಕಚೇರಿ ಎದುರು ಜಮಾಯಿಸಿದ ರೈತರು ಸರ್ಕಾರದ ವಿರುದ್ಧ ಘೋಷಣೆ ಕೂಗಿದರು. ಮೆಕ್ಕೆಜೋಳ ಕ್ವಿಂಟಾಲ್‌ಗೆ 1600-1800 ರೂ. ಗೆ ಮಾರಾಟವಾಗುತ್ತಿದೆ. ಇದರಿಂದ ರೈತರು ಸಂಕಷ್ಟದಲ್ಲಿದ್ದಾರೆ. ಕೂಡಲೇ ಸರ್ಕಾರ ಮಧ್ಯಪ್ರವೇಶಿಸಿ ರೈತರ ನೆರವಿಗೆ ಧಾವಿಸಬೇಕು ಎಂದು ಒತ್ತಾಯಿಸಿದರು. ಸಂಘದ ಜಿಲ್ಲಾಧ್ಯಕ್ಷ ಸೇರಿದಂತೆ ಹಲವು ಪದಾಧಿಕಾರಿಗಳು ಪಾಲ್ಗೊಂಡಿದ್ದರು.
